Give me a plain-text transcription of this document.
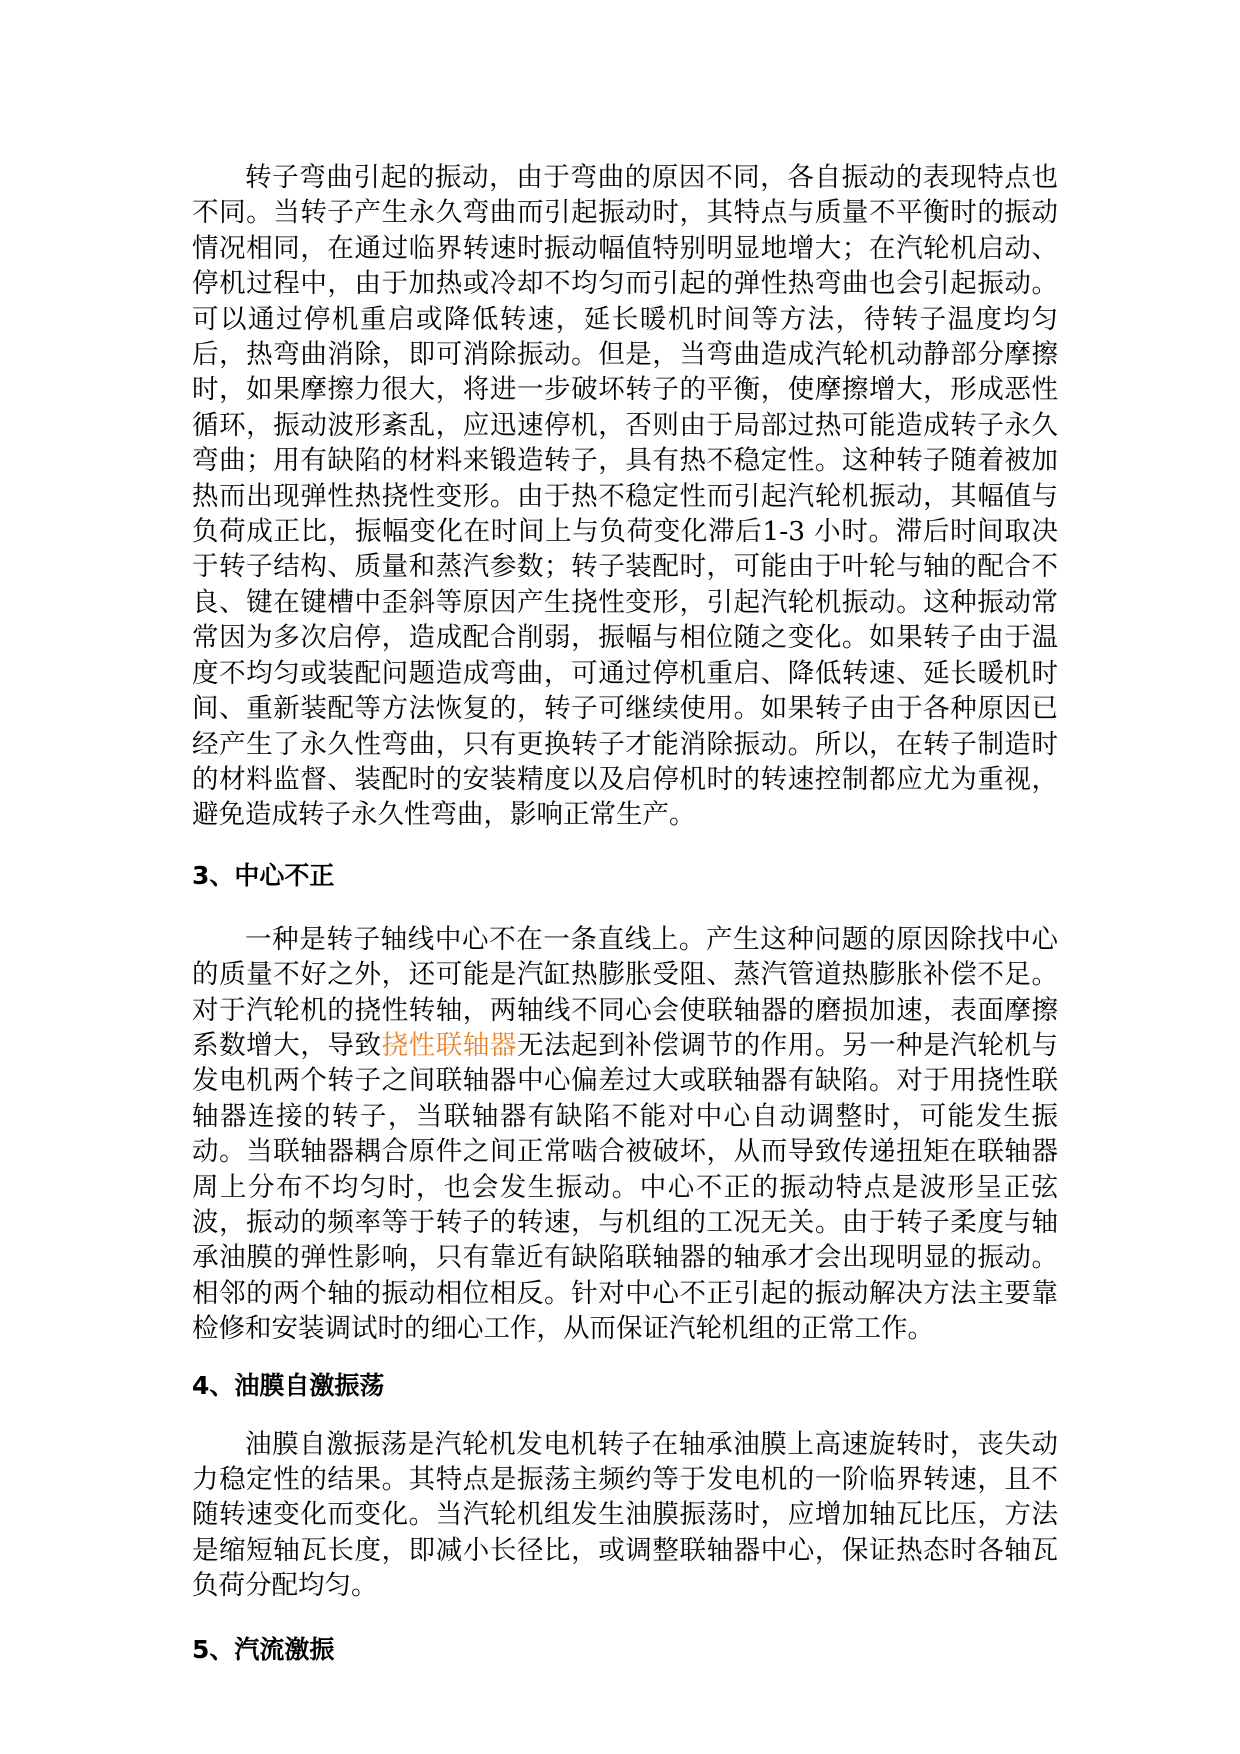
转子弯曲引起的振动，由于弯曲的原因不同，各自振动的表现特点也不同。当转子产生永久弯曲而引起振动时，其特点与质量不平衡时的振动情况相同，在通过临界转速时振动幅值特别明显地增大；在汽轮机启动、停机过程中，由于加热或冷却不均匀而引起的弹性热弯曲也会引起振动。可以通过停机重启或降低转速，延长暖机时间等方法，待转子温度均匀后，热弯曲消除，即可消除振动。但是，当弯曲造成汽轮机动静部分摩擦时，如果摩擦力很大，将进一步破坏转子的平衡，使摩擦增大，形成恶性循环，振动波形紊乱，应迅速停机，否则由于局部过热可能造成转子永久弯曲；用有缺陷的材料来锻造转子，具有热不稳定性。这种转子随着被加热而出现弹性热挠性变形。由于热不稳定性而引起汽轮机振动，其幅值与负荷成正比，振幅变化在时间上与负荷变化滞后1-3 小时。滞后时间取决于转子结构、质量和蒸汽参数；转子装配时，可能由于叶轮与轴的配合不良、键在键槽中歪斜等原因产生挠性变形，引起汽轮机振动。这种振动常常因为多次启停，造成配合削弱，振幅与相位随之变化。如果转子由于温度不均匀或装配问题造成弯曲，可通过停机重启、降低转速、延长暖机时间、重新装配等方法恢复的，转子可继续使用。如果转子由于各种原因已经产生了永久性弯曲，只有更换转子才能消除振动。所以，在转子制造时的材料监督、装配时的安装精度以及启停机时的转速控制都应尤为重视，避免造成转子永久性弯曲，影响正常生产。

3、中心不正

一种是转子轴线中心不在一条直线上。产生这种问题的原因除找中心的质量不好之外，还可能是汽缸热膨胀受阻、蒸汽管道热膨胀补偿不足。对于汽轮机的挠性转轴，两轴线不同心会使联轴器的磨损加速，表面摩擦系数增大，导致挠性联轴器无法起到补偿调节的作用。另一种是汽轮机与发电机两个转子之间联轴器中心偏差过大或联轴器有缺陷。对于用挠性联轴器连接的转子，当联轴器有缺陷不能对中心自动调整时，可能发生振动。当联轴器耦合原件之间正常啮合被破坏，从而导致传递扭矩在联轴器周上分布不均匀时，也会发生振动。中心不正的振动特点是波形呈正弦波，振动的频率等于转子的转速，与机组的工况无关。由于转子柔度与轴承油膜的弹性影响，只有靠近有缺陷联轴器的轴承才会出现明显的振动。相邻的两个轴的振动相位相反。针对中心不正引起的振动解决方法主要靠检修和安装调试时的细心工作，从而保证汽轮机组的正常工作。

4、油膜自激振荡

油膜自激振荡是汽轮机发电机转子在轴承油膜上高速旋转时，丧失动力稳定性的结果。其特点是振荡主频约等于发电机的一阶临界转速，且不随转速变化而变化。当汽轮机组发生油膜振荡时，应增加轴瓦比压，方法是缩短轴瓦长度，即减小长径比，或调整联轴器中心，保证热态时各轴瓦负荷分配均匀。

5、汽流激振
